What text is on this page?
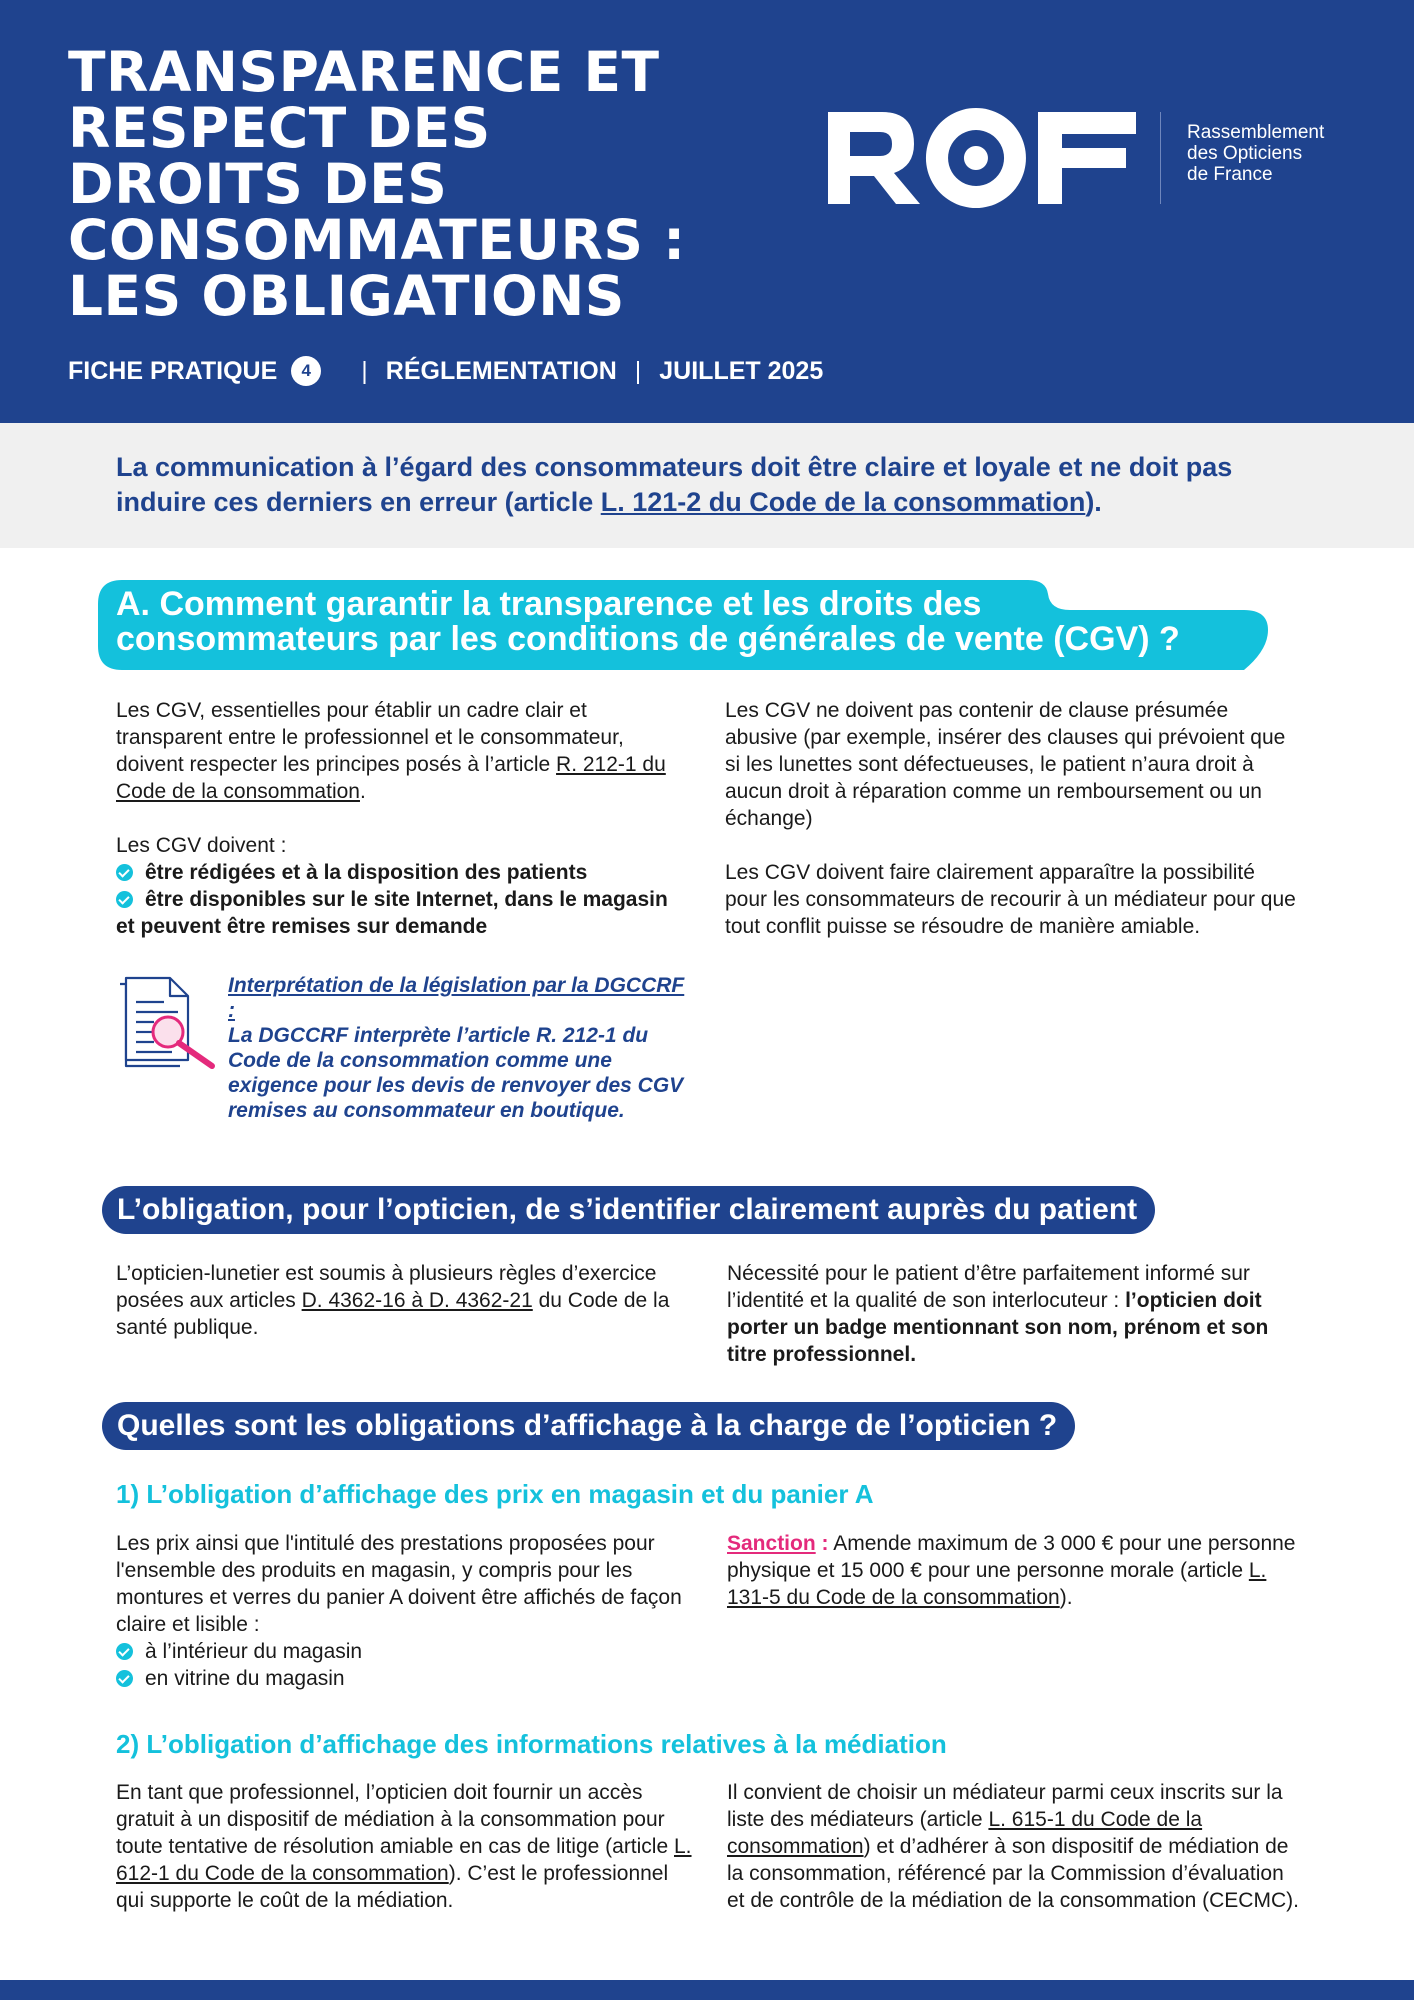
TRANSPARENCE ET
RESPECT DES
DROITS DES
CONSOMMATEURS :
LES OBLIGATIONS
FICHE PRATIQUE	4	| RÉGLEMENTATION | JUILLET 2025
Rassemblement
des Opticiens
de France

La communication à l’égard des consommateurs doit être claire et loyale et ne doit pas induire ces derniers en erreur (article L. 121-2 du Code de la consommation).

A. Comment garantir la transparence et les droits des
consommateurs par les conditions de générales de vente (CGV) ?

Les CGV, essentielles pour établir un cadre clair et transparent entre le professionnel et le consommateur, doivent respecter les principes posés à l’article R. 212-1 du Code de la consommation.

Les CGV doivent :
être rédigées et à la disposition des patients
être disponibles sur le site Internet, dans le magasin et peuvent être remises sur demande

Interprétation de la législation par la DGCCRF :
La DGCCRF interprète l’article R. 212-1 du Code de la consommation comme une exigence pour les devis de renvoyer des CGV remises au consommateur en boutique.

Les CGV ne doivent pas contenir de clause présumée abusive (par exemple, insérer des clauses qui prévoient que si les lunettes sont défectueuses, le patient n’aura droit à aucun droit à réparation comme un remboursement ou un échange)

Les CGV doivent faire clairement apparaître la possibilité pour les consommateurs de recourir à un médiateur pour que tout conflit puisse se résoudre de manière amiable.

L’obligation, pour l’opticien, de s’identifier clairement auprès du patient

L’opticien-lunetier est soumis à plusieurs règles d’exercice posées aux articles D. 4362-16 à D. 4362-21 du Code de la santé publique.

Nécessité pour le patient d’être parfaitement informé sur l’identité et la qualité de son interlocuteur : l’opticien doit porter un badge mentionnant son nom, prénom et son titre professionnel.

Quelles sont les obligations d’affichage à la charge de l’opticien ?
1) L’obligation d’affichage des prix en magasin et du panier A

Les prix ainsi que l'intitulé des prestations proposées pour l'ensemble des produits en magasin, y compris pour les montures et verres du panier A doivent être affichés de façon claire et lisible :

à l’intérieur du magasin
en vitrine du magasin

Sanction : Amende maximum de 3 000 € pour une personne physique et 15 000 € pour une personne morale (article L. 131-5 du Code de la consommation).

2) L’obligation d’affichage des informations relatives à la médiation

En tant que professionnel, l’opticien doit fournir un accès gratuit à un dispositif de médiation à la consommation pour toute tentative de résolution amiable en cas de litige (article L. 612-1 du Code de la consommation). C’est le professionnel qui supporte le coût de la médiation.

Il convient de choisir un médiateur parmi ceux inscrits sur la liste des médiateurs (article L. 615-1 du Code de la consommation) et d’adhérer à son dispositif de médiation de la consommation, référencé par la Commission d’évaluation et de contrôle de la médiation de la consommation (CECMC).
